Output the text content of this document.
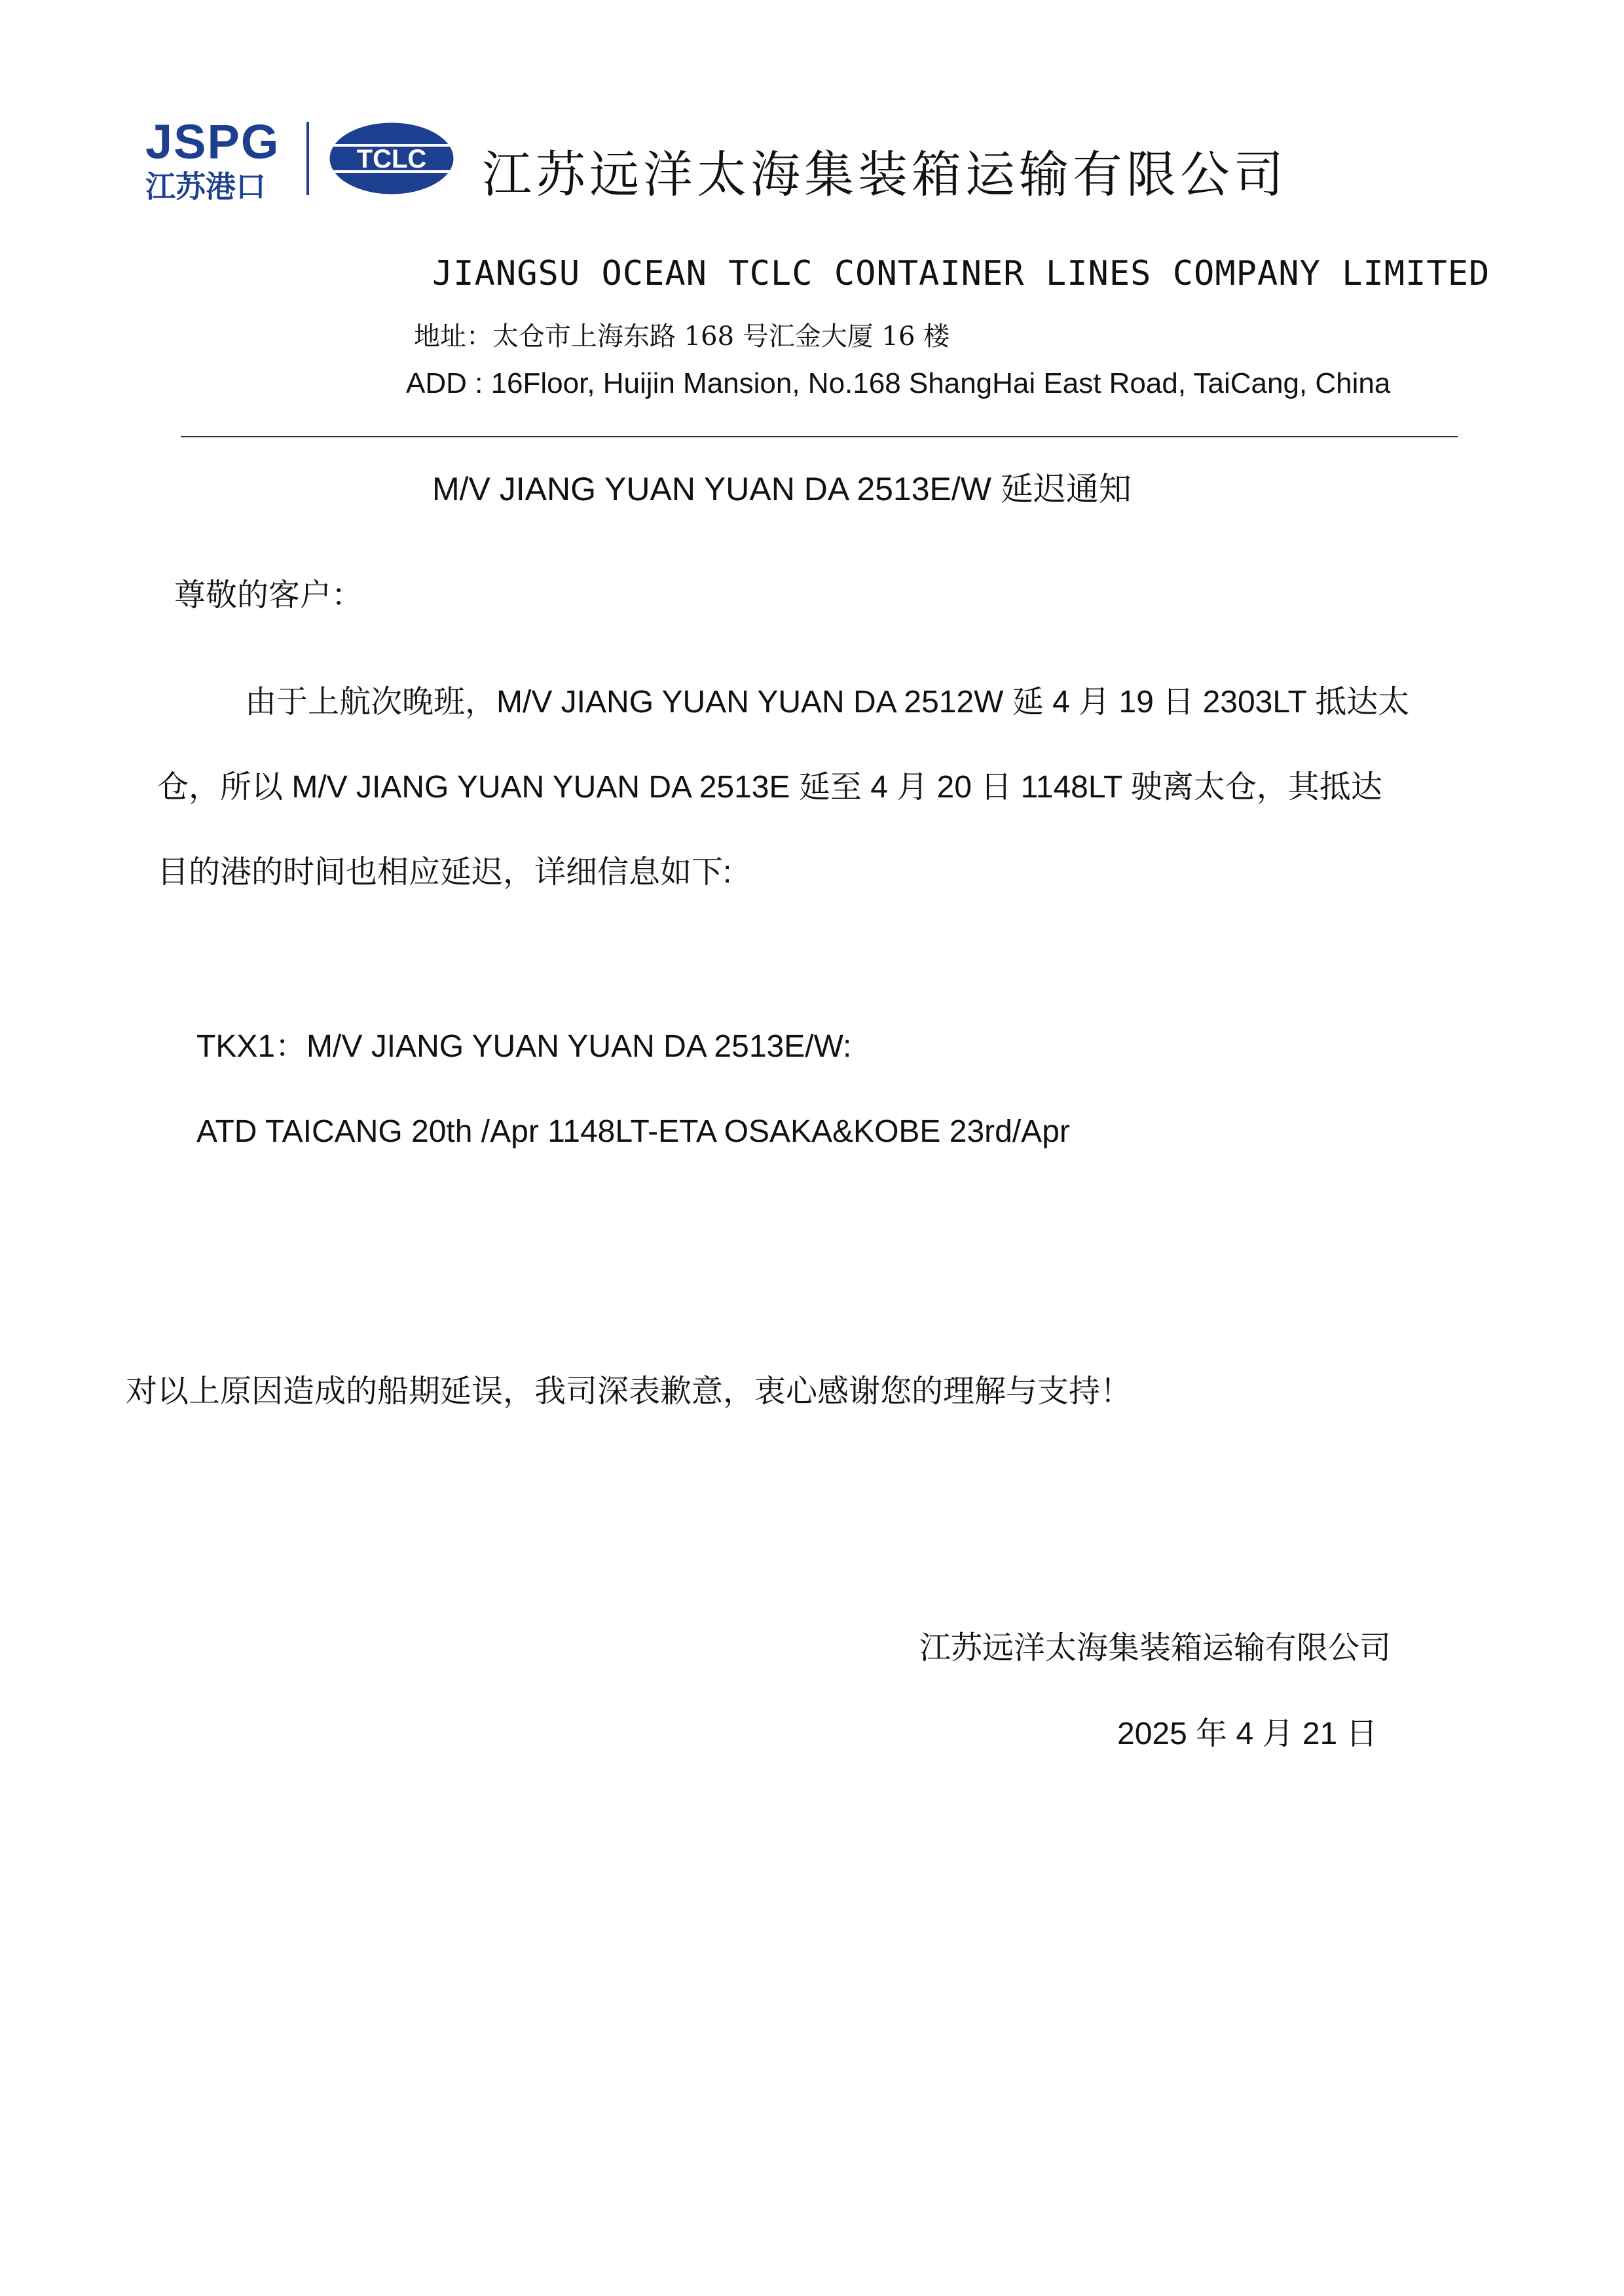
JSPG
江苏港口
TCLC 江苏远洋太海集装箱运输有限公司
JIANGSU OCEAN TCLC CONTAINER LINES COMPANY LIMITED
地址：太仓市上海东路 168 号汇金大厦 16 楼
ADD : 16Floor, Huijin Mansion, No.168 ShangHai East Road, TaiCang, China
M/V JIANG YUAN YUAN DA 2513E/W 延迟通知
尊敬的客户：
由于上航次晚班，M/V JIANG YUAN YUAN DA 2512W 延 4 月 19 日 2303LT 抵达太
仓，所以 M/V JIANG YUAN YUAN DA 2513E 延至 4 月 20 日 1148LT 驶离太仓，其抵达
目的港的时间也相应延迟，详细信息如下:
TKX1：M/V JIANG YUAN YUAN DA 2513E/W:
ATD TAICANG 20th /Apr 1148LT-ETA OSAKA&KOBE 23rd/Apr
对以上原因造成的船期延误，我司深表歉意，衷心感谢您的理解与支持！
江苏远洋太海集装箱运输有限公司
2025 年 4 月 21 日
